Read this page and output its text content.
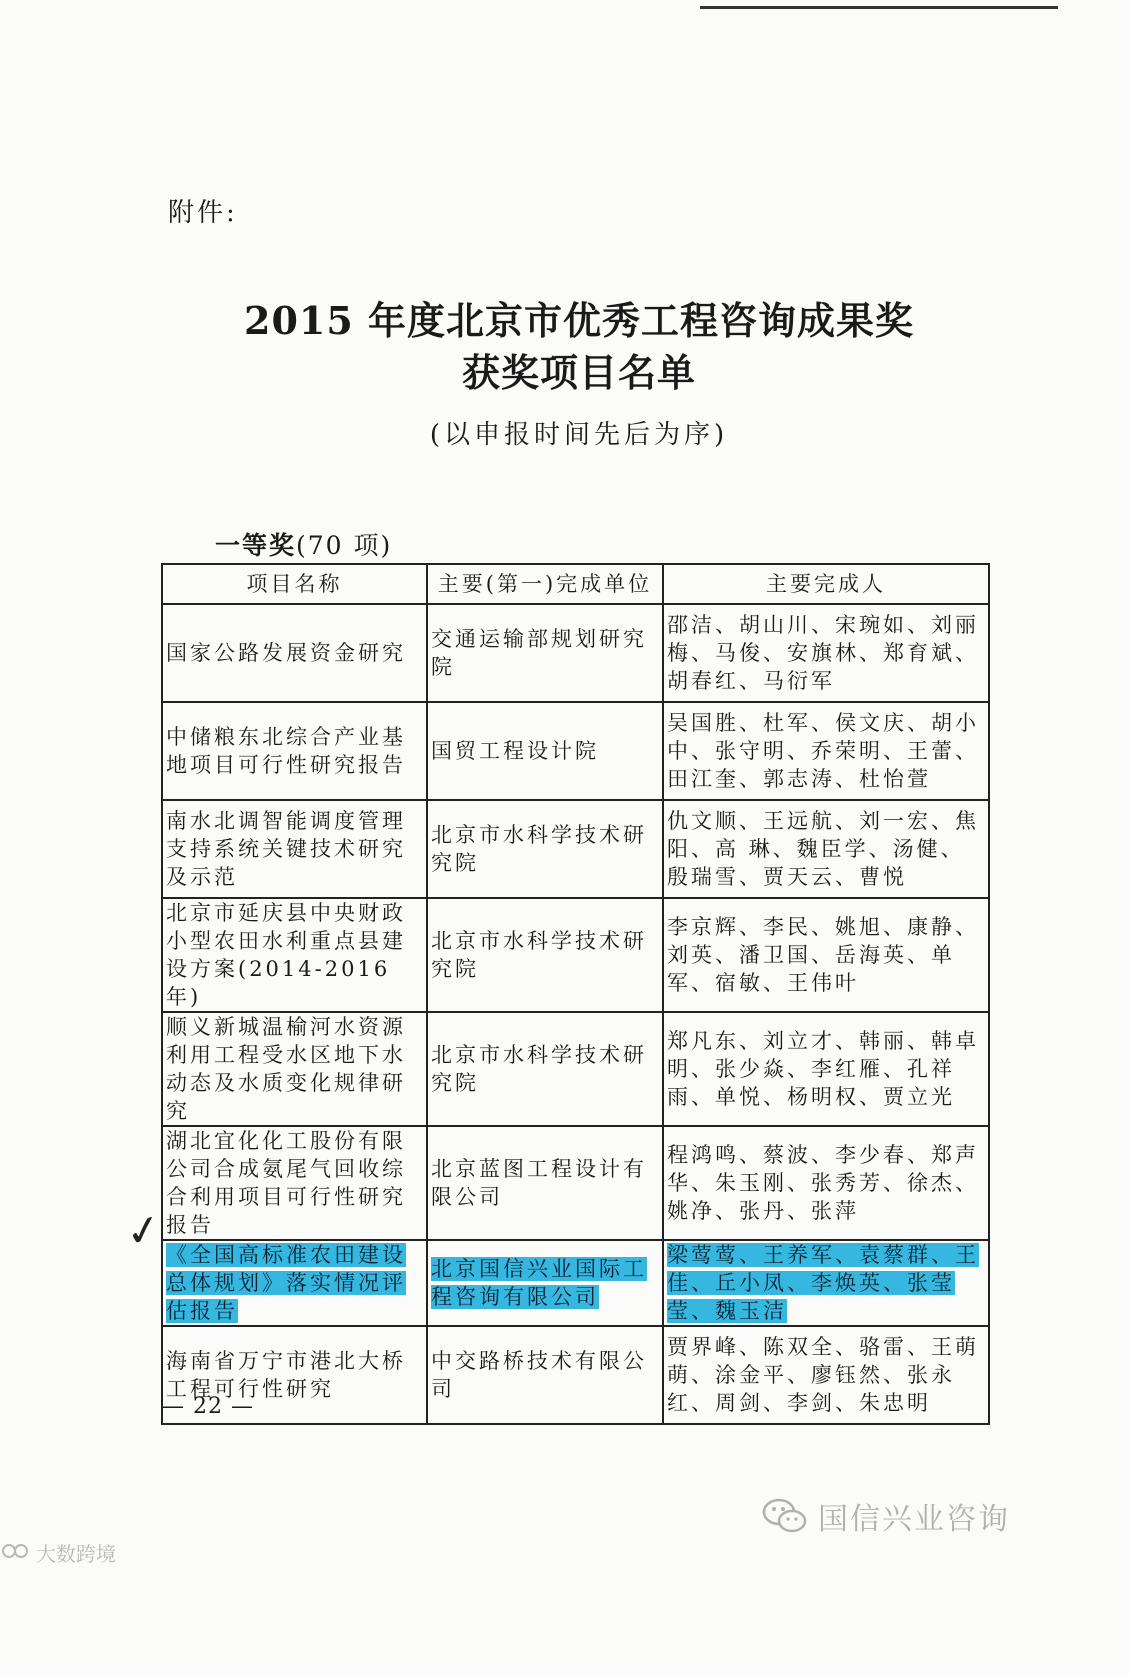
附件:
2015 年度北京市优秀工程咨询成果奖
获奖项目名单
(以申报时间先后为序)
一等奖(70 项)
项目名称	主要(第一)完成单位	主要完成人
国家公路发展资金研究	交通运输部规划研究院	邵洁、胡山川、宋琬如、刘丽梅、马俊、安旗林、郑育斌、胡春红、马衍军
中储粮东北综合产业基地项目可行性研究报告	国贸工程设计院	吴国胜、杜军、侯文庆、胡小中、张守明、乔荣明、王蕾、田江奎、郭志涛、杜怡萱
南水北调智能调度管理支持系统关键技术研究及示范	北京市水科学技术研究院	仇文顺、王远航、刘一宏、焦阳、高 琳、魏臣学、汤健、殷瑞雪、贾天云、曹悦
北京市延庆县中央财政小型农田水利重点县建设方案(2014-2016 年)	北京市水科学技术研究院	李京辉、李民、姚旭、康静、刘英、潘卫国、岳海英、单军、宿敏、王伟叶
顺义新城温榆河水资源利用工程受水区地下水动态及水质变化规律研究	北京市水科学技术研究院	郑凡东、刘立才、韩丽、韩卓明、张少焱、李红雁、孔祥雨、单悦、杨明权、贾立光
湖北宜化化工股份有限公司合成氨尾气回收综合利用项目可行性研究报告	北京蓝图工程设计有限公司	程鸿鸣、蔡波、李少春、郑声华、朱玉刚、张秀芳、徐杰、姚净、张丹、张萍
《全国高标准农田建设总体规划》落实情况评估报告	北京国信兴业国际工程咨询有限公司	梁莺莺、王养军、袁蔡群、王佳、丘小凤、李焕英、张莹莹、魏玉洁
海南省万宁市港北大桥工程可行性研究	中交路桥技术有限公司	贾界峰、陈双全、骆雷、王萌萌、涂金平、廖钰然、张永红、周剑、李剑、朱忠明
✓
— 22 —
国信兴业咨询
大数跨境
